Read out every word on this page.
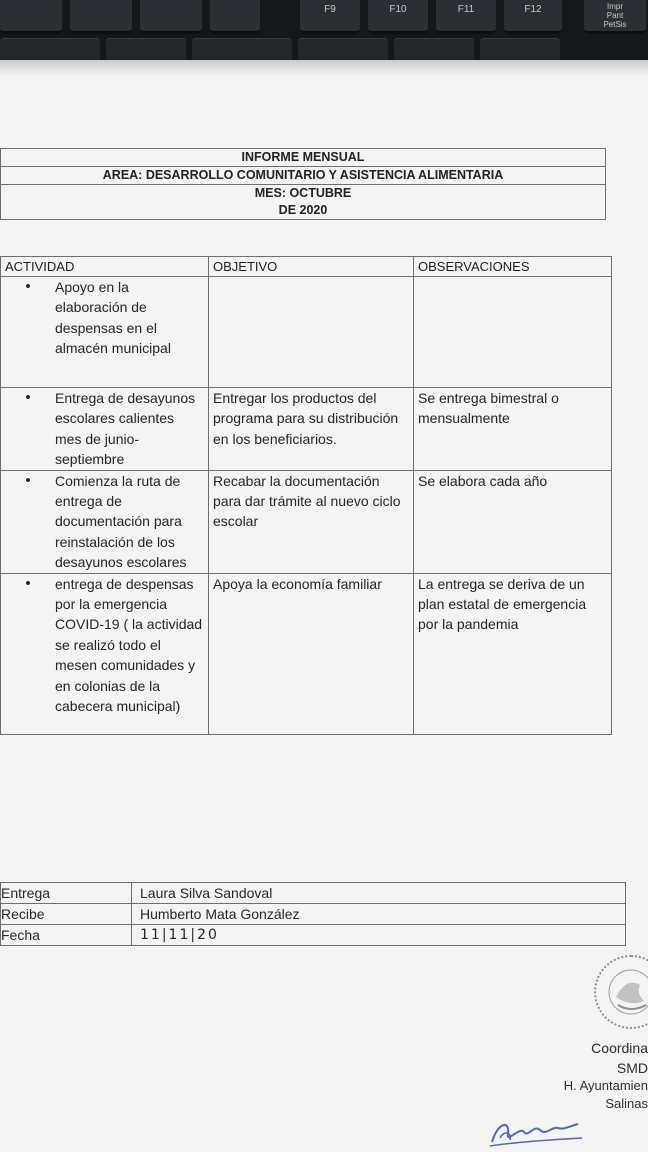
F9	F10	F11	F12	Impr
Pant
PetSis
INFORME MENSUAL
AREA: DESARROLLO COMUNITARIO Y ASISTENCIA ALIMENTARIA
MES: OCTUBRE
DE 2020
ACTIVIDAD	OBJETIVO	OBSERVACIONES

• Apoyo en la elaboración de despensas en el almacén municipal		

• Entrega de desayunos escolares calientes mes de junio- septiembre	Entregar los productos del programa para su distribución en los beneficiarios.	Se entrega bimestral o mensualmente

• Comienza la ruta de entrega de documentación para reinstalación de los desayunos escolares	Recabar la documentación para dar trámite al nuevo ciclo escolar	Se elabora cada año

• entrega de despensas por la emergencia COVID-19 ( la actividad se realizó todo el mesen comunidades y en colonias de la cabecera municipal)	Apoya la economía familiar	La entrega se deriva de un plan estatal de emergencia por la pandemia
Entrega	Laura Silva Sandoval
Recibe	Humberto Mata González
Fecha	11|11|20
Coordina
SMD
H. Ayuntamien
Salinas
